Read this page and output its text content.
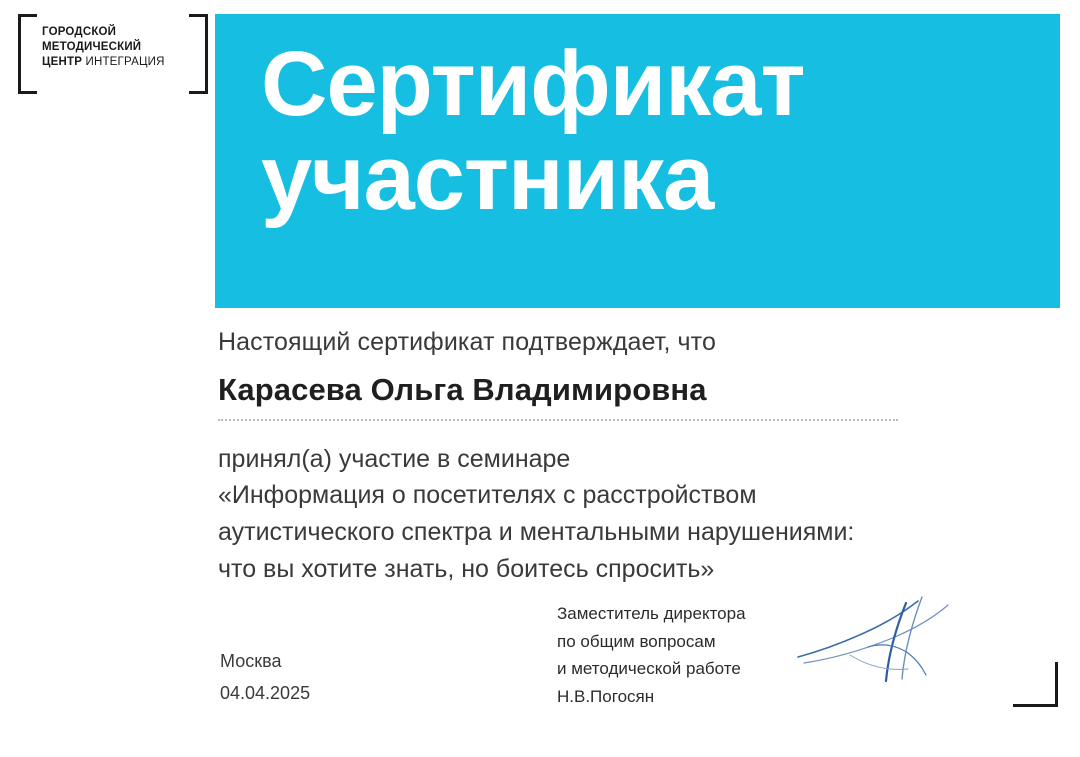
ГОРОДСКОЙ
МЕТОДИЧЕСКИЙ
ЦЕНТР ИНТЕГРАЦИЯ Сертификат
участника
Настоящий сертификат подтверждает, что
Карасева Ольга Владимировна
принял(а) участие в семинаре
«Информация о посетителях с расстройством
аутистического спектра и ментальными нарушениями:
что вы хотите знать, но боитесь спросить»
Москва
04.04.2025
Заместитель директора
по общим вопросам
и методической работе
Н.В.Погосян
